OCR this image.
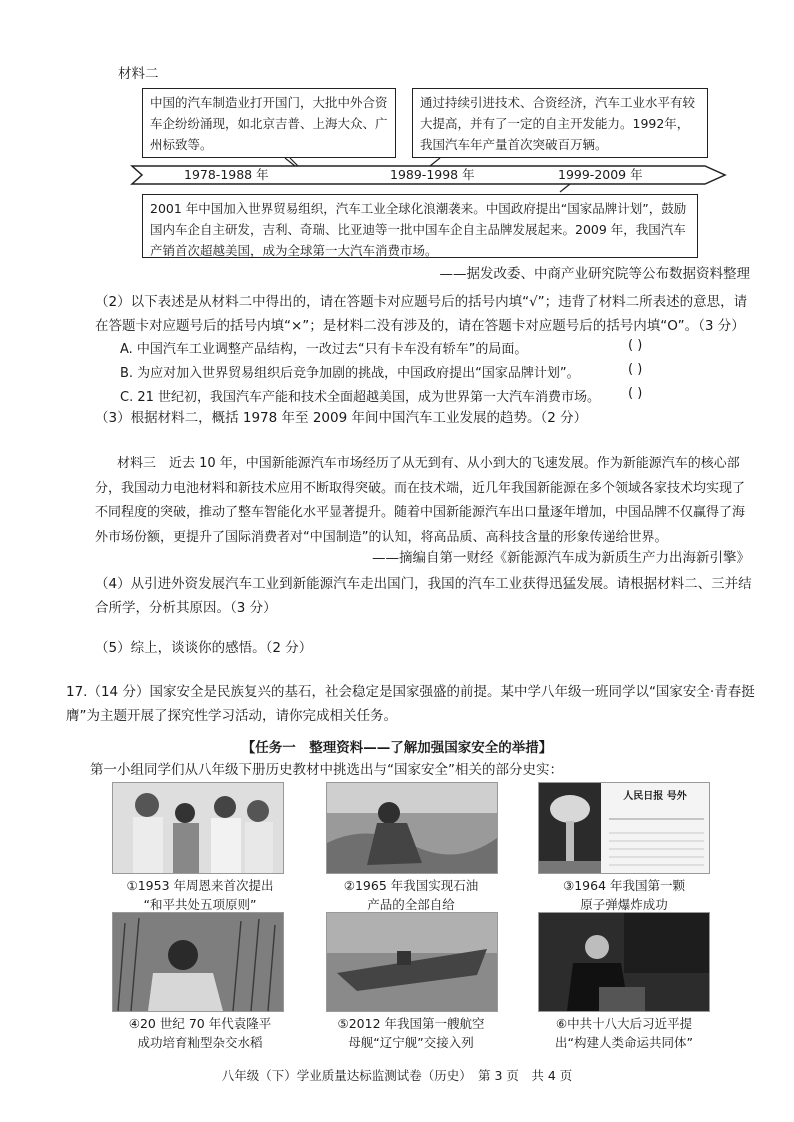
材料二
中国的汽车制造业打开国门，大批中外合资车企纷纷涌现，如北京吉普、上海大众、广州标致等。
通过持续引进技术、合资经济，汽车工业水平有较大提高，并有了一定的自主开发能力。1992年，我国汽车年产量首次突破百万辆。
1978-1988 年	1989-1998 年	1999-2009 年
2001 年中国加入世界贸易组织，汽车工业全球化浪潮袭来。中国政府提出“国家品牌计划”，鼓励国内车企自主研发，吉利、奇瑞、比亚迪等一批中国车企自主品牌发展起来。2009 年，我国汽车产销首次超越美国，成为全球第一大汽车消费市场。
——据发改委、中商产业研究院等公布数据资料整理
（2）以下表述是从材料二中得出的，请在答题卡对应题号后的括号内填“√”；违背了材料二所表述的意思，请在答题卡对应题号后的括号内填“×”；是材料二没有涉及的，请在答题卡对应题号后的括号内填“O”。（3 分）
A. 中国汽车工业调整产品结构，一改过去“只有卡车没有轿车”的局面。	( )
B. 为应对加入世界贸易组织后竞争加剧的挑战，中国政府提出“国家品牌计划”。	( )
C. 21 世纪初，我国汽车产能和技术全面超越美国，成为世界第一大汽车消费市场。 ( )
（3）根据材料二，概括 1978 年至 2009 年间中国汽车工业发展的趋势。（2 分）
材料三　近去 10 年，中国新能源汽车市场经历了从无到有、从小到大的飞速发展。作为新能源汽车的核心部分，我国动力电池材料和新技术应用不断取得突破。而在技术端，近几年我国新能源在多个领域各家技术均实现了不同程度的突破，推动了整车智能化水平显著提升。随着中国新能源汽车出口量逐年增加，中国品牌不仅赢得了海外市场份额，更提升了国际消费者对“中国制造”的认知，将高品质、高科技含量的形象传递给世界。
——摘编自第一财经《新能源汽车成为新质生产力出海新引擎》
（4）从引进外资发展汽车工业到新能源汽车走出国门，我国的汽车工业获得迅猛发展。请根据材料二、三并结合所学，分析其原因。（3 分）
（5）综上，谈谈你的感悟。（2 分）
17.（14 分）国家安全是民族复兴的基石，社会稳定是国家强盛的前提。某中学八年级一班同学以“国家安全·青春挺膺”为主题开展了探究性学习活动，请你完成相关任务。
【任务一　整理资料——了解加强国家安全的举措】
第一小组同学们从八年级下册历史教材中挑选出与“国家安全”相关的部分史实：
人民日报 号外
①1953 年周恩来首次提出
“和平共处五项原则”
②1965 年我国实现石油
产品的全部自给
③1964 年我国第一颗
原子弹爆炸成功
④20 世纪 70 年代袁隆平
成功培育籼型杂交水稻
⑤2012 年我国第一艘航空
母舰“辽宁舰”交接入列
⑥中共十八大后习近平提
出“构建人类命运共同体”
八年级（下）学业质量达标监测试卷（历史）　第 3 页　共 4 页
